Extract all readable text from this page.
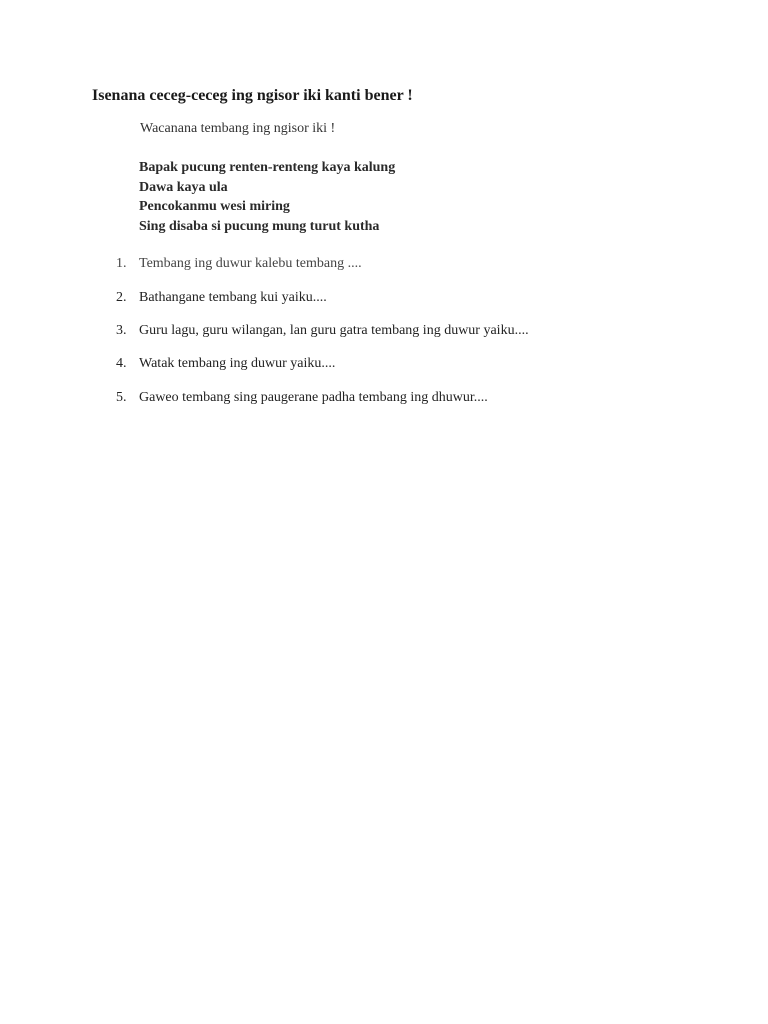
Isenana ceceg-ceceg ing ngisor iki kanti bener !
Wacanana tembang ing ngisor iki !
Bapak pucung renten-renteng kaya kalung
Dawa kaya ula
Pencokanmu wesi miring
Sing disaba si pucung mung turut kutha
1. Tembang ing duwur kalebu tembang ....
2. Bathangane tembang kui yaiku....
3. Guru lagu, guru wilangan, lan guru gatra tembang ing duwur yaiku....
4. Watak tembang ing duwur yaiku....
5. Gaweo tembang sing paugerane padha tembang ing dhuwur....
